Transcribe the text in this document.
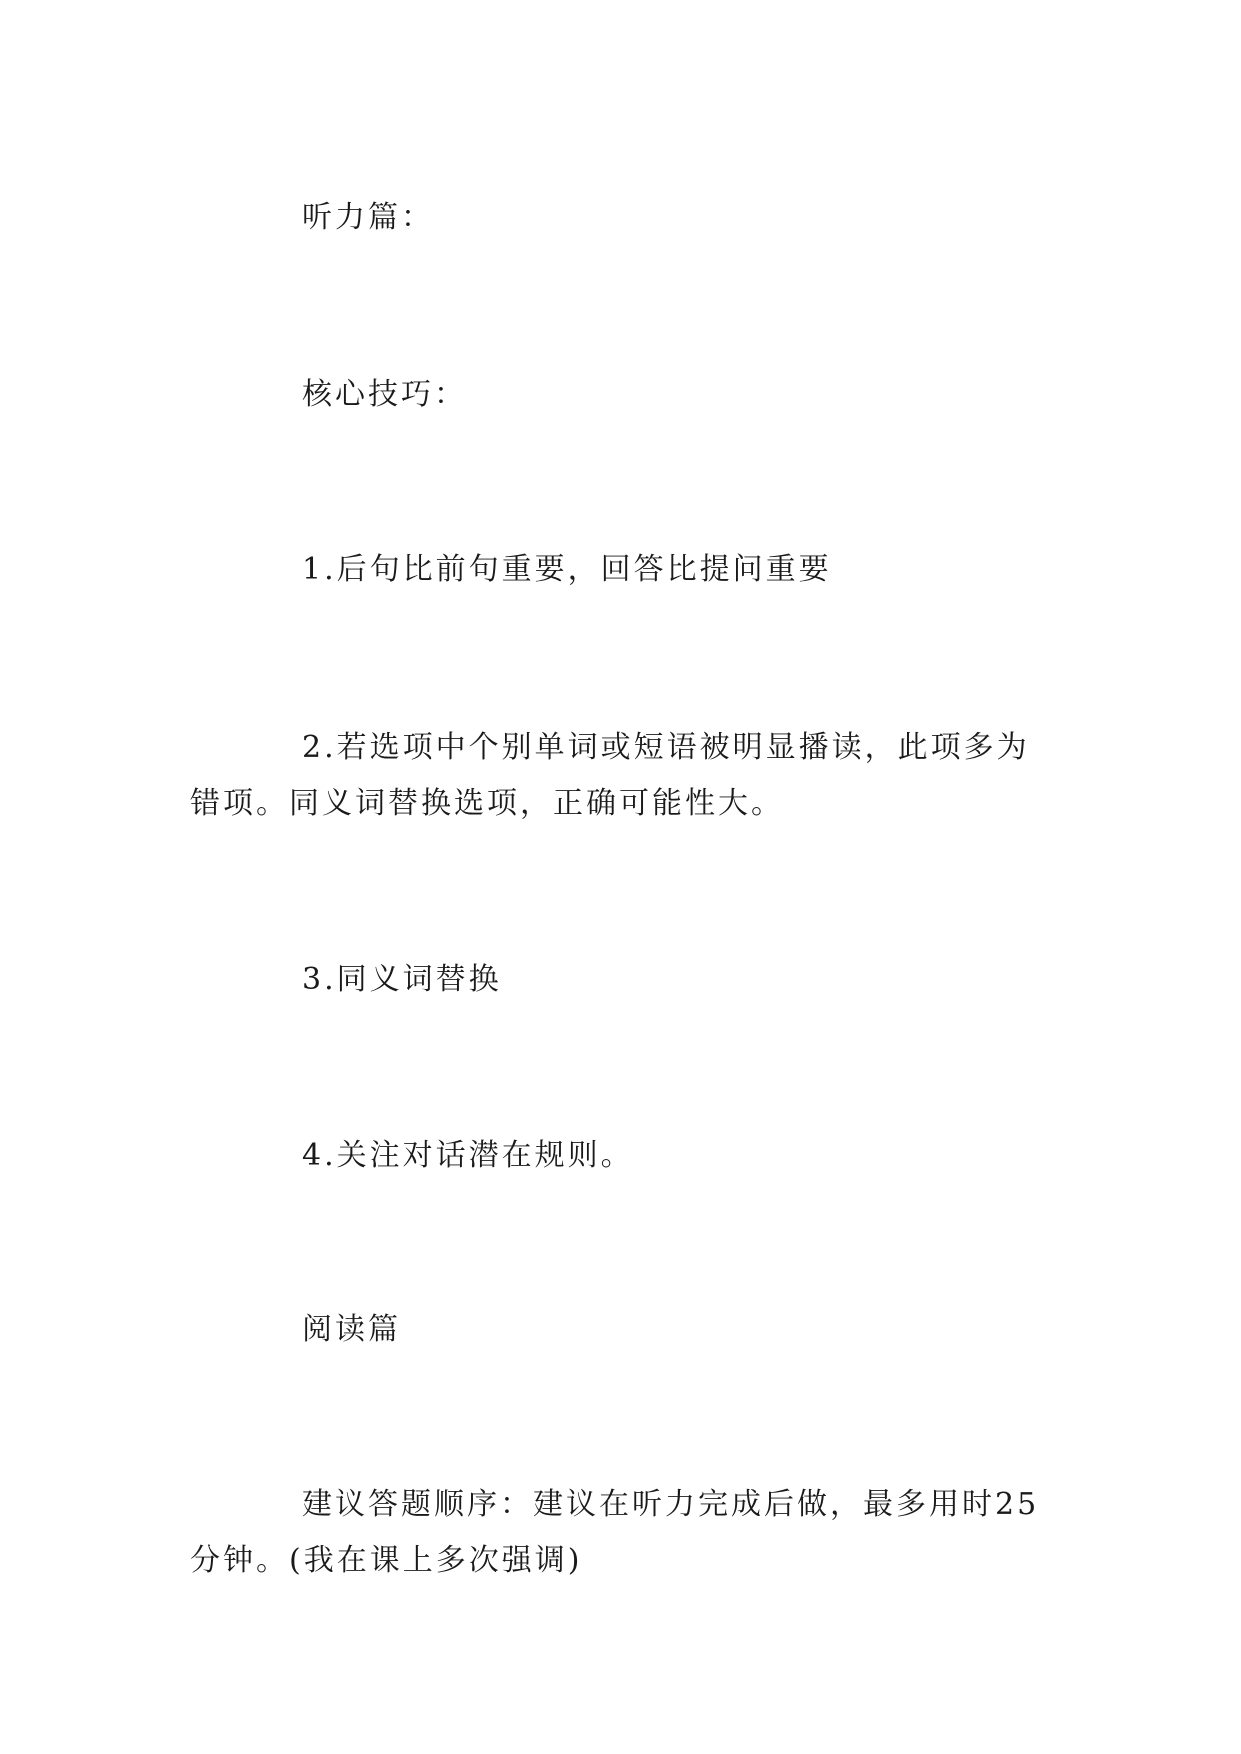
听力篇：

核心技巧：

1.后句比前句重要，回答比提问重要

2.若选项中个别单词或短语被明显播读，此项多为错项。同义词替换选项，正确可能性大。

3.同义词替换

4.关注对话潜在规则。

阅读篇

建议答题顺序：建议在听力完成后做，最多用时25分钟。(我在课上多次强调)
